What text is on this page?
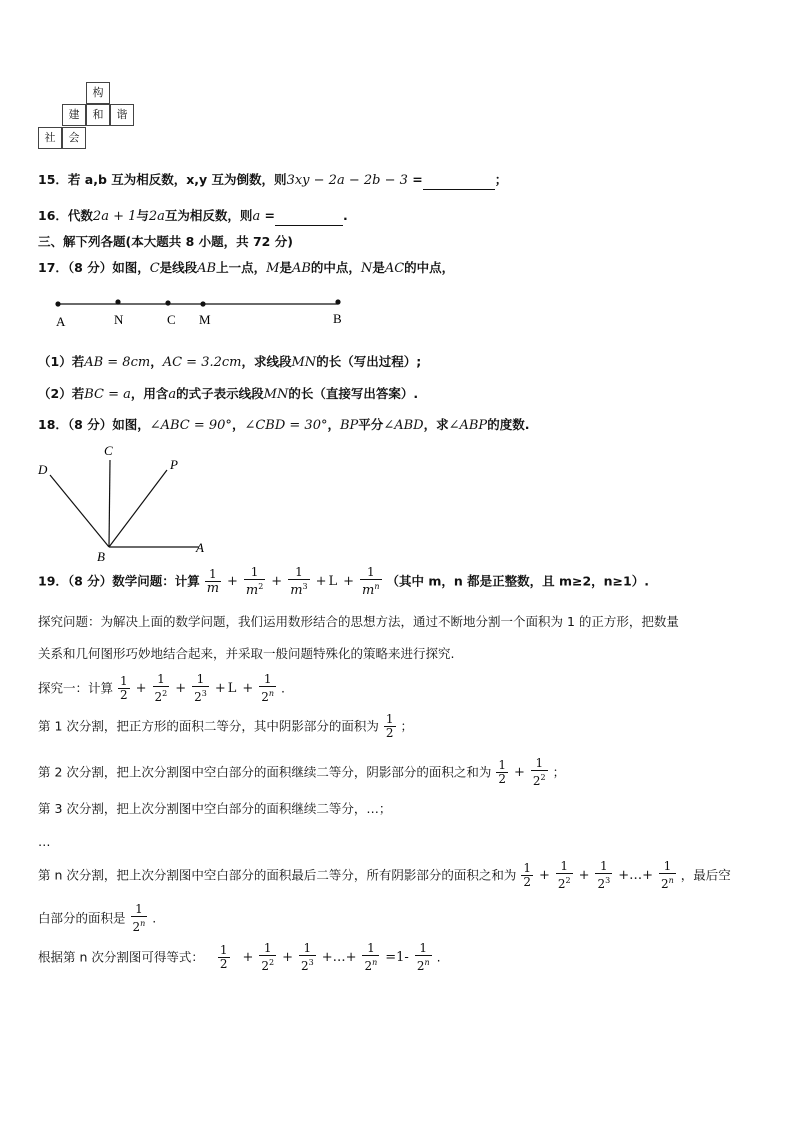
构
建	和	谐
社	会
15．若 a,b 互为相反数，x,y 互为倒数，则3xy − 2a − 2b − 3 =	；
16．代数2a + 1与2a互为相反数，则a =	.
三、解下列各题(本大题共 8 小题，共 72 分)
17．（8 分）如图，C是线段AB上一点，M是AB的中点，N是AC的中点，
A	N	C M	B
（1）若AB = 8cm，AC = 3.2cm，求线段MN的长（写出过程）;
（2）若BC = a，用含a的式子表示线段MN的长（直接写出答案）.
18．（8 分）如图，∠ABC = 90°，∠CBD = 30°，BP平分∠ABD，求∠ABP的度数.
D
C
P
B
A
19．（8 分）数学问题：计算 $\frac{1}{m} + \frac{1}{m^2} + \frac{1}{m^3} + L + \frac{1}{m^n}$ （其中 m，n 都是正整数，且 m≥2，n≥1）.
探究问题：为解决上面的数学问题，我们运用数形结合的思想方法，通过不断地分割一个面积为 1 的正方形，把数量
关系和几何图形巧妙地结合起来，并采取一般问题特殊化的策略来进行探究.
探究一：计算 $\frac{1}{2} + \frac{1}{2^2} + \frac{1}{2^3} + L + \frac{1}{2^n}$ .
第 1 次分割，把正方形的面积二等分，其中阴影部分的面积为 $\frac{1}{2}$ ；
第 2 次分割，把上次分割图中空白部分的面积继续二等分，阴影部分的面积之和为 $\frac{1}{2} + \frac{1}{2^2}$ ；
第 3 次分割，把上次分割图中空白部分的面积继续二等分，…；
…
第 n 次分割，把上次分割图中空白部分的面积最后二等分，所有阴影部分的面积之和为 $\frac{1}{2} + \frac{1}{2^2} + \frac{1}{2^3}$ +…+ $\frac{1}{2^n}$ ，最后空
白部分的面积是 $\frac{1}{2^n}$ .
根据第 n 次分割图可得等式： $\frac{1}{2} + \frac{1}{2^2} + \frac{1}{2^3}$ +…+ $\frac{1}{2^n} =1- \frac{1}{2^n}$ .
